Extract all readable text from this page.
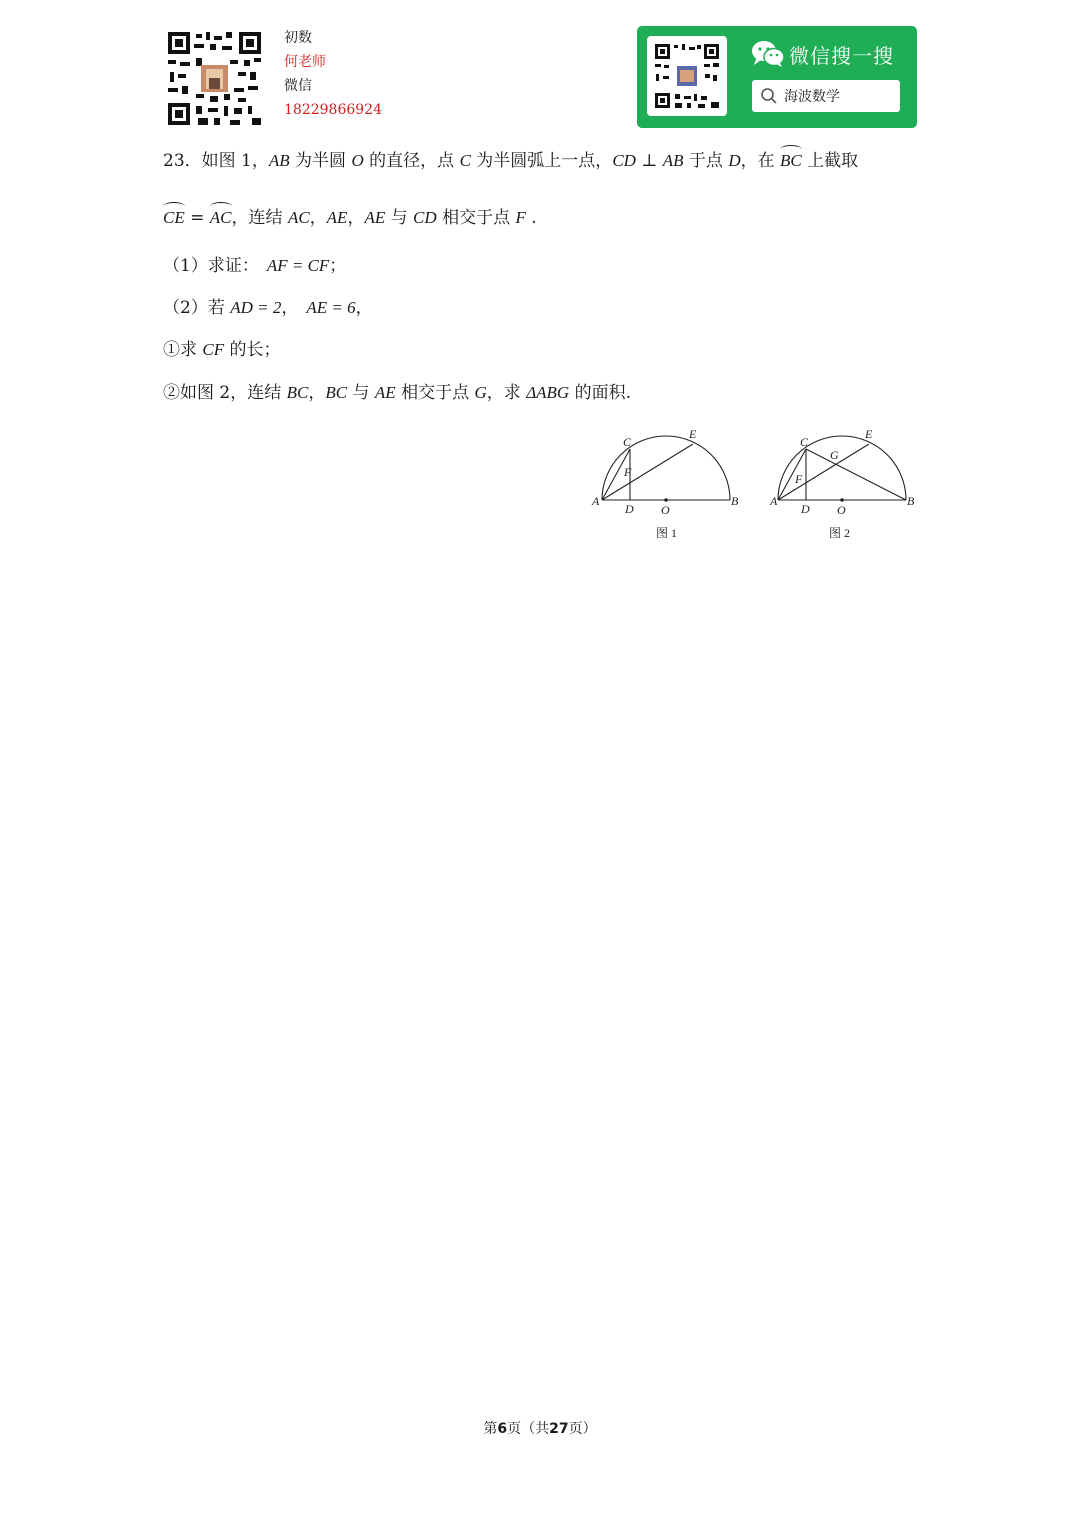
初数
何老师
微信
18229866924
微信搜一搜
海波数学
23．如图 1，AB 为半圆 O 的直径，点 C 为半圆弧上一点，CD ⊥ AB 于点 D，在 BC 上截取
CE = AC，连结 AC，AE，AE 与 CD 相交于点 F .
（1）求证： AF = CF；
（2）若 AD = 2， AE = 6，
①求 CF 的长；
②如图 2，连结 BC，BC 与 AE 相交于点 G，求 ΔABG 的面积.
A	B
C
D
E
F
O
图 1
A	B
C
D
E
F
G
O
图 2
第6页（共27页）
